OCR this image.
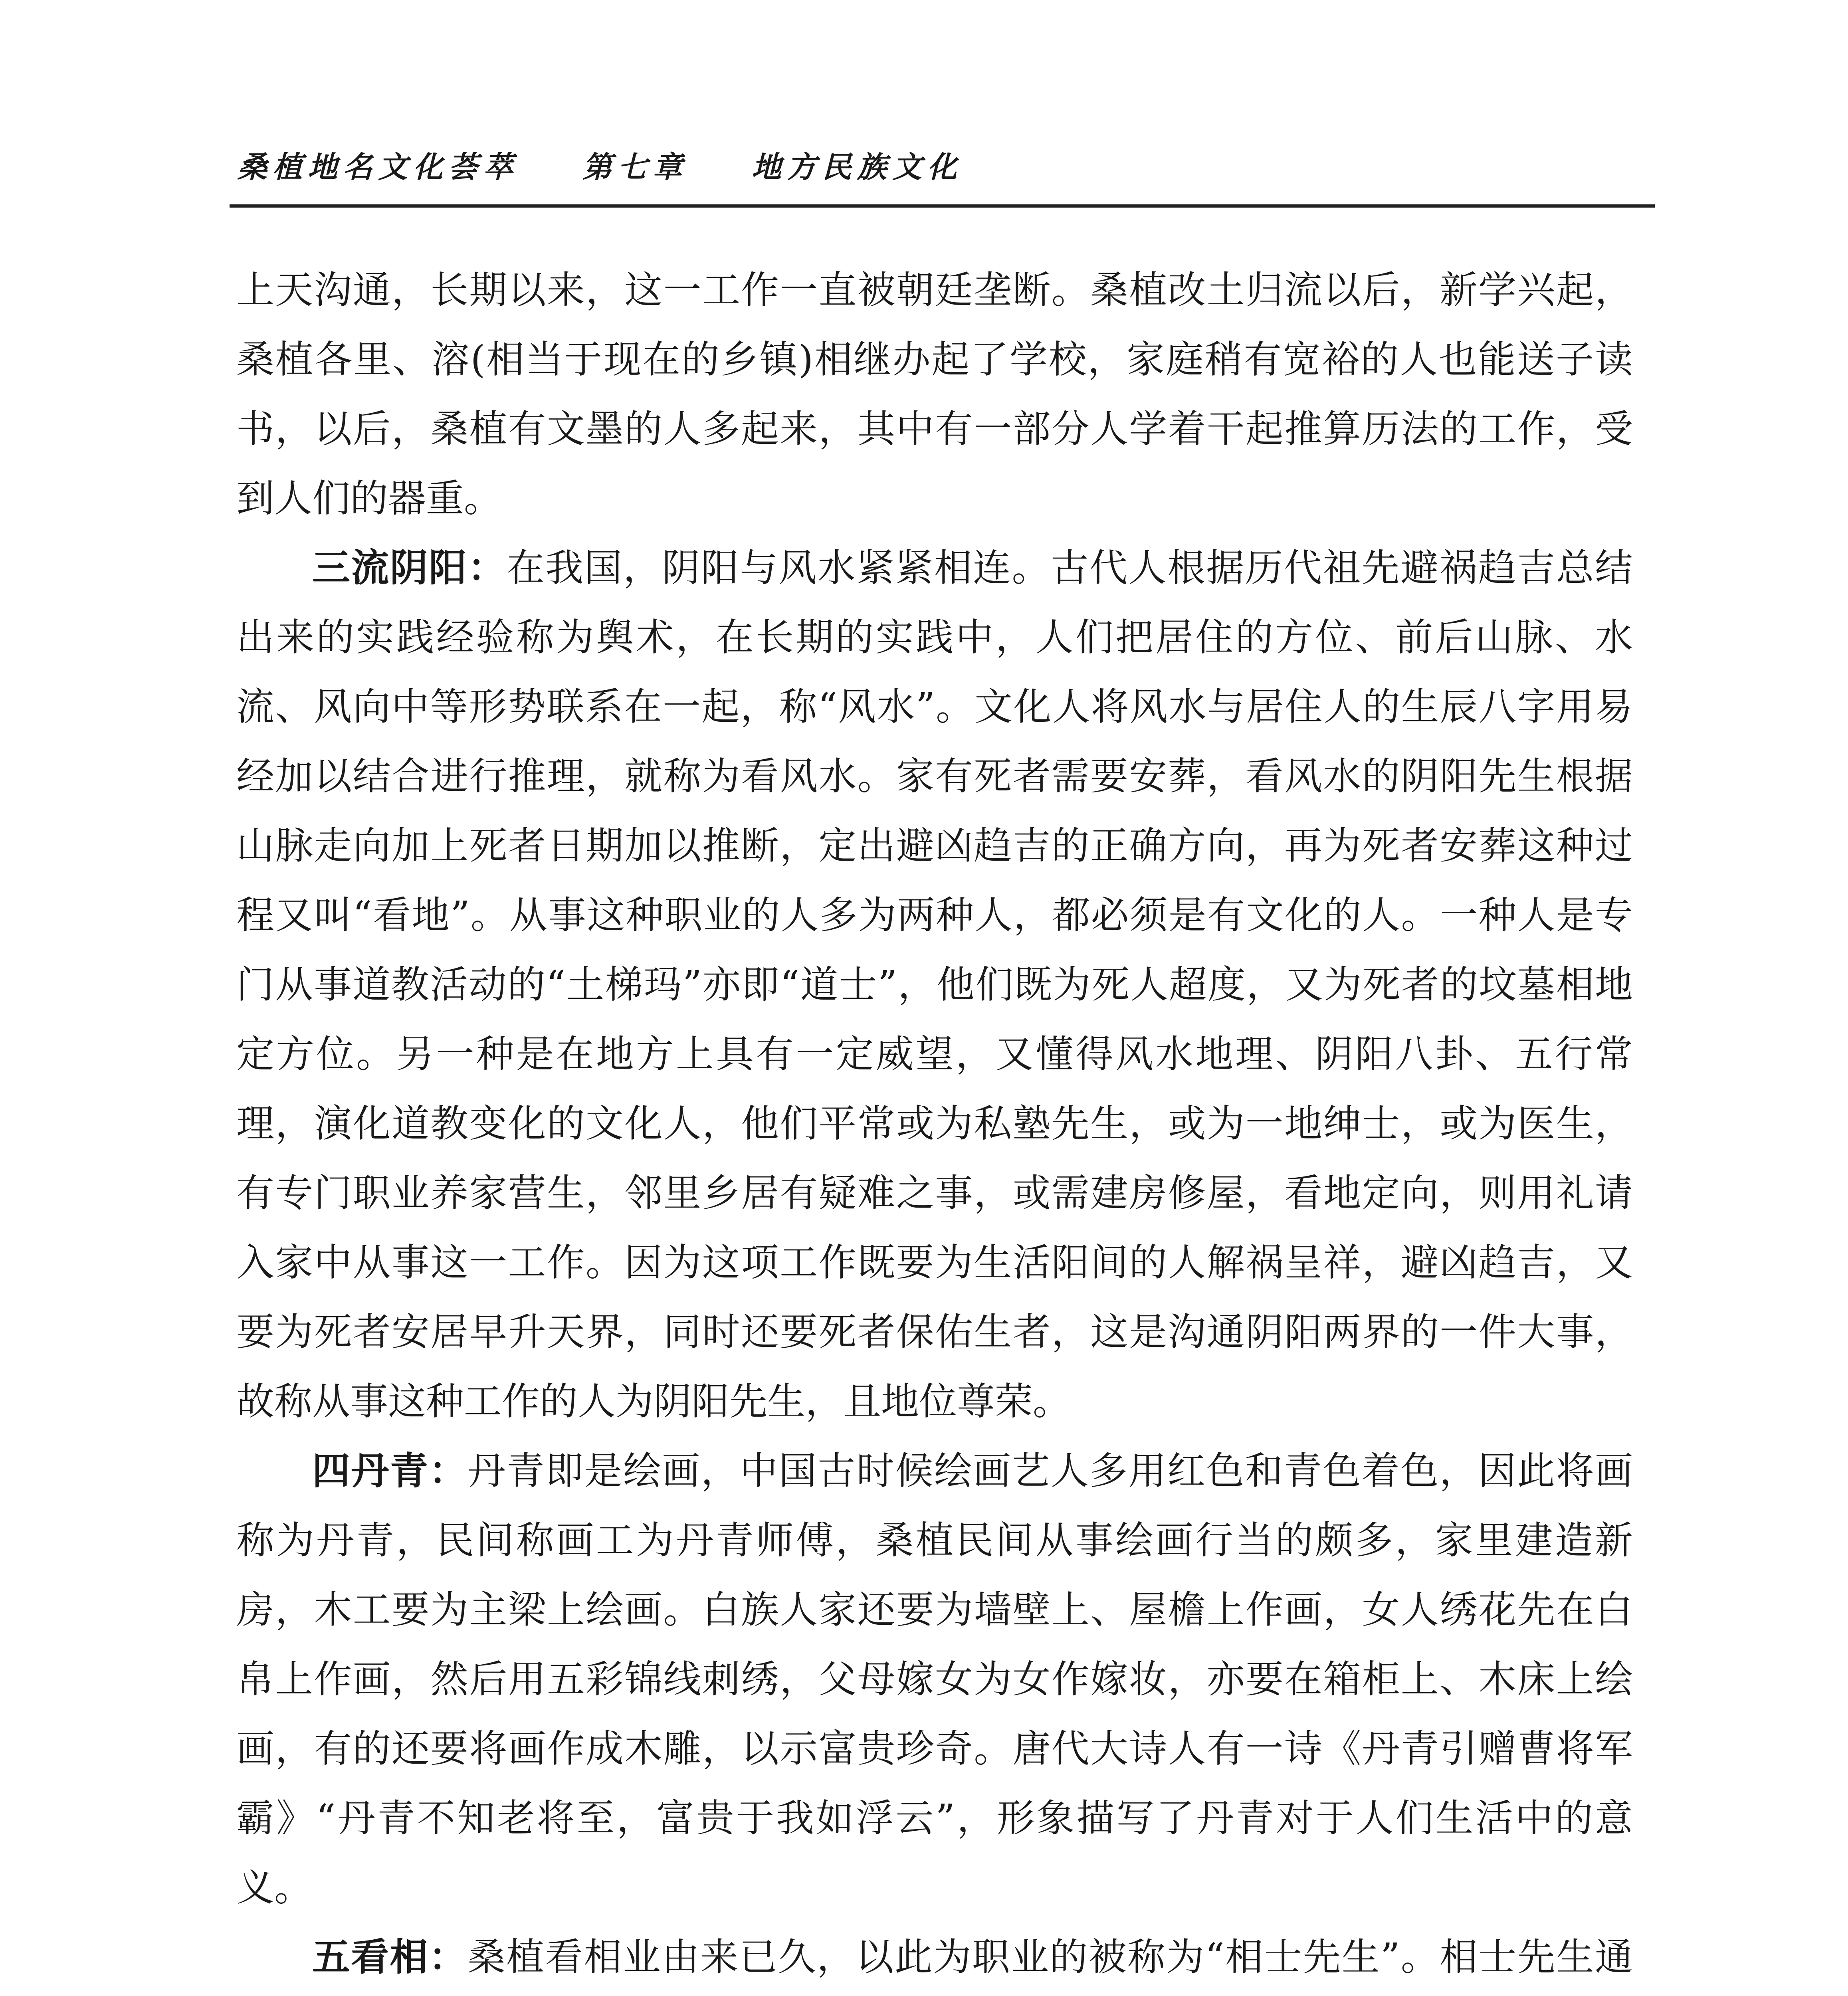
桑植地名文化荟萃 第七章 地方民族文化

上天沟通，长期以来，这一工作一直被朝廷垄断。桑植改土归流以后，新学兴起，桑植各里、溶(相当于现在的乡镇)相继办起了学校，家庭稍有宽裕的人也能送子读书，以后，桑植有文墨的人多起来，其中有一部分人学着干起推算历法的工作，受到人们的器重。

三流阴阳：在我国，阴阳与风水紧紧相连。古代人根据历代祖先避祸趋吉总结出来的实践经验称为舆术，在长期的实践中，人们把居住的方位、前后山脉、水流、风向中等形势联系在一起，称“风水”。文化人将风水与居住人的生辰八字用易经加以结合进行推理，就称为看风水。家有死者需要安葬，看风水的阴阳先生根据山脉走向加上死者日期加以推断，定出避凶趋吉的正确方向，再为死者安葬这种过程又叫“看地”。从事这种职业的人多为两种人，都必须是有文化的人。一种人是专门从事道教活动的“土梯玛”亦即“道士”，他们既为死人超度，又为死者的坟墓相地定方位。另一种是在地方上具有一定威望，又懂得风水地理、阴阳八卦、五行常理，演化道教变化的文化人，他们平常或为私塾先生，或为一地绅士，或为医生，有专门职业养家营生，邻里乡居有疑难之事，或需建房修屋，看地定向，则用礼请入家中从事这一工作。因为这项工作既要为生活阳间的人解祸呈祥，避凶趋吉，又要为死者安居早升天界，同时还要死者保佑生者，这是沟通阴阳两界的一件大事，故称从事这种工作的人为阴阳先生，且地位尊荣。

四丹青：丹青即是绘画，中国古时候绘画艺人多用红色和青色着色，因此将画称为丹青，民间称画工为丹青师傅，桑植民间从事绘画行当的颇多，家里建造新房，木工要为主梁上绘画。白族人家还要为墙壁上、屋檐上作画，女人绣花先在白帛上作画，然后用五彩锦线刺绣，父母嫁女为女作嫁妆，亦要在箱柜上、木床上绘画，有的还要将画作成木雕，以示富贵珍奇。唐代大诗人有一诗《丹青引赠曹将军霸》“丹青不知老将至，富贵于我如浮云”，形象描写了丹青对于人们生活中的意义。

五看相：桑植看相业由来已久，以此为职业的被称为“相士先生”。相士先生通
